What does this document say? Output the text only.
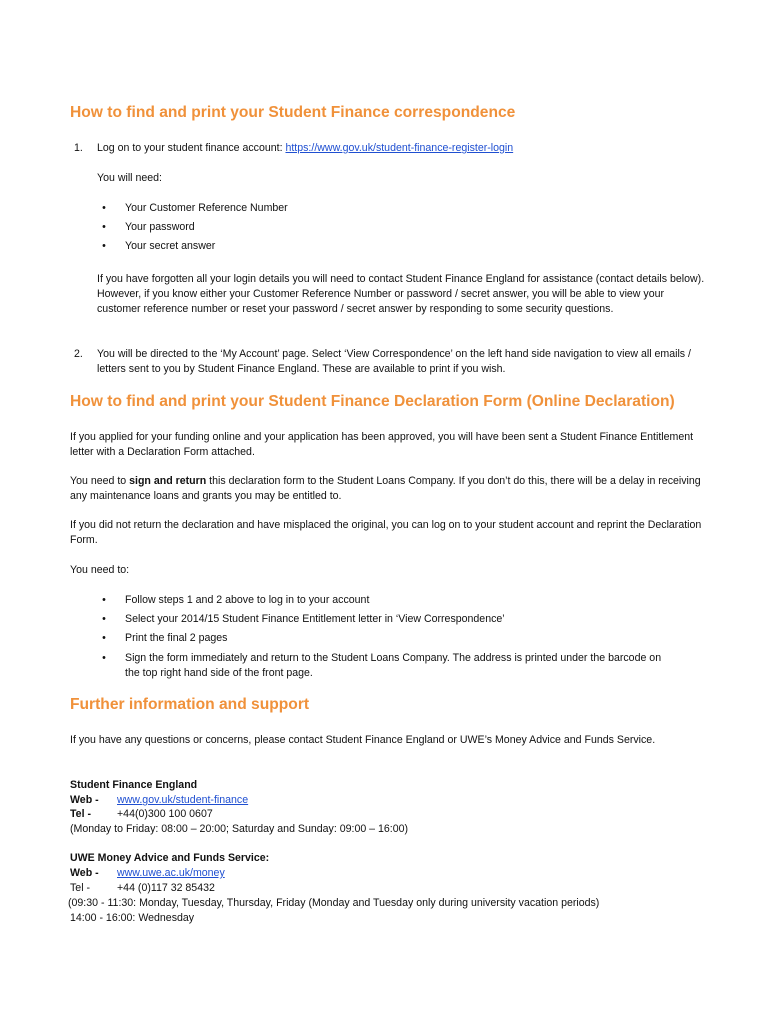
How to find and print your Student Finance correspondence
1.	Log on to your student finance account: https://www.gov.uk/student-finance-register-login
You will need:
• Your Customer Reference Number
• Your password
• Your secret answer
If you have forgotten all your login details you will need to contact Student Finance England for assistance (contact details below). However, if you know either your Customer Reference Number or password / secret answer, you will be able to view your customer reference number or reset your password / secret answer by responding to some security questions.
2.	You will be directed to the ‘My Account’ page. Select ‘View Correspondence’ on the left hand side navigation to view all emails / letters sent to you by Student Finance England. These are available to print if you wish.
How to find and print your Student Finance Declaration Form (Online Declaration)
If you applied for your funding online and your application has been approved, you will have been sent a Student Finance Entitlement letter with a Declaration Form attached.
You need to sign and return this declaration form to the Student Loans Company. If you don’t do this, there will be a delay in receiving any maintenance loans and grants you may be entitled to.
If you did not return the declaration and have misplaced the original, you can log on to your student account and reprint the Declaration Form.
You need to:
• Follow steps 1 and 2 above to log in to your account
• Select your 2014/15 Student Finance Entitlement letter in ‘View Correspondence’
• Print the final 2 pages
• Sign the form immediately and return to the Student Loans Company. The address is printed under the barcode on the top right hand side of the front page.
Further information and support
If you have any questions or concerns, please contact Student Finance England or UWE’s Money Advice and Funds Service.
Student Finance England
Web - www.gov.uk/student-finance
Tel - +44(0)300 100 0607
(Monday to Friday: 08:00 – 20:00; Saturday and Sunday: 09:00 – 16:00)
UWE Money Advice and Funds Service:
Web - www.uwe.ac.uk/money
Tel -	+44 (0)117 32 85432
(09:30 - 11:30: Monday, Tuesday, Thursday, Friday (Monday and Tuesday only during university vacation periods)
14:00 - 16:00: Wednesday
